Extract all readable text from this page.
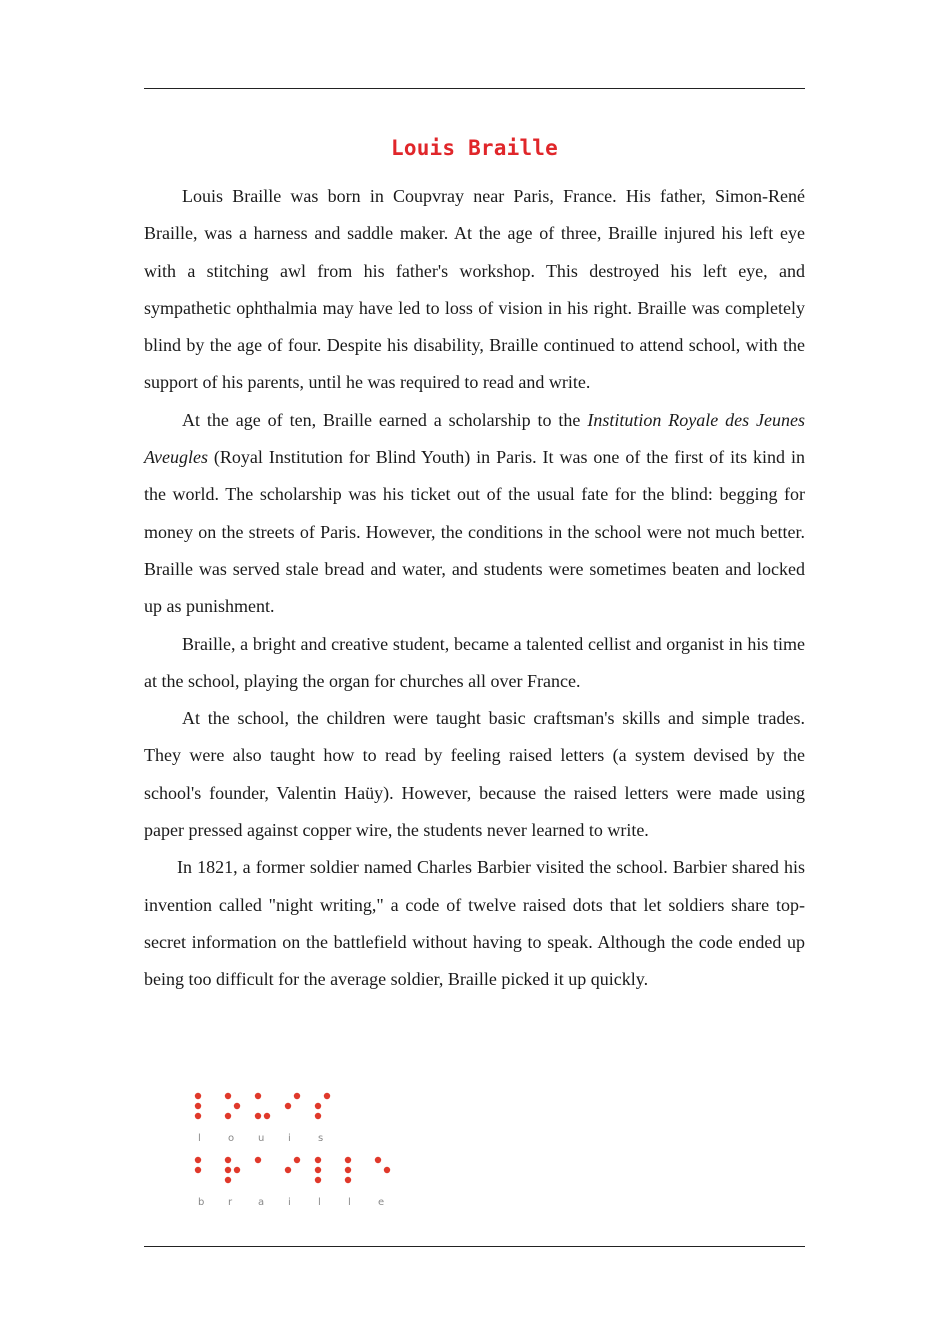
Louis Braille

Louis Braille was born in Coupvray near Paris, France. His father, Simon-René Braille, was a harness and saddle maker. At the age of three, Braille injured his left eye with a stitching awl from his father's workshop. This destroyed his left eye, and sympathetic ophthalmia may have led to loss of vision in his right. Braille was completely blind by the age of four. Despite his disability, Braille continued to attend school, with the support of his parents, until he was required to read and write.

At the age of ten, Braille earned a scholarship to the Institution Royale des Jeunes Aveugles (Royal Institution for Blind Youth) in Paris. It was one of the first of its kind in the world. The scholarship was his ticket out of the usual fate for the blind: begging for money on the streets of Paris. However, the conditions in the school were not much better. Braille was served stale bread and water, and students were sometimes beaten and locked up as punishment.

Braille, a bright and creative student, became a talented cellist and organist in his time at the school, playing the organ for churches all over France.

At the school, the children were taught basic craftsman's skills and simple trades. They were also taught how to read by feeling raised letters (a system devised by the school's founder, Valentin Haüy). However, because the raised letters were made using paper pressed against copper wire, the students never learned to write.

In 1821, a former soldier named Charles Barbier visited the school. Barbier shared his invention called "night writing," a code of twelve raised dots that let soldiers share top-secret information on the battlefield without having to speak. Although the code ended up being too difficult for the average soldier, Braille picked it up quickly.

l	o u i	s
b r	a i	l	l	e
